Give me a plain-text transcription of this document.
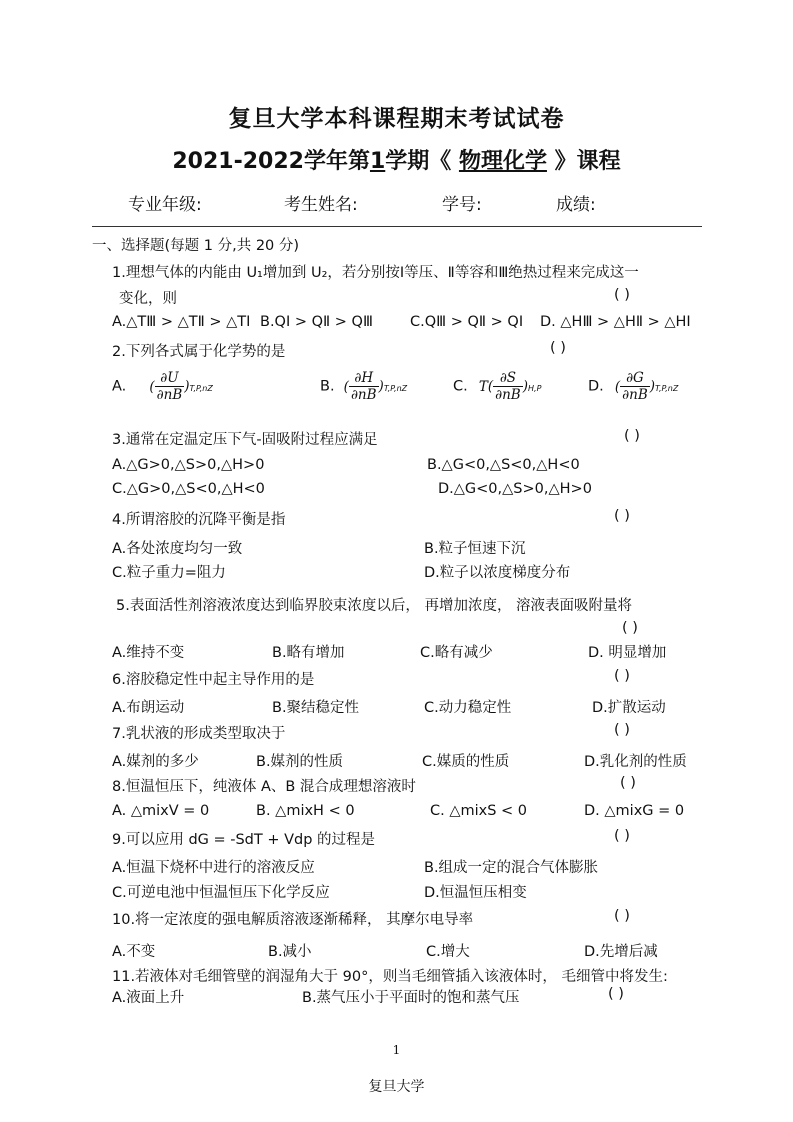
复旦大学本科课程期末考试试卷
2021-2022学年第1学期《 物理化学 》课程
专业年级:	考生姓名:	学号:	成绩:
一、选择题(每题 1 分,共 20 分)
1.理想气体的内能由 U₁增加到 U₂，若分别按Ⅰ等压、Ⅱ等容和Ⅲ绝热过程来完成这一
变化，则	( )
A.△TⅢ > △TⅡ > △TⅠ B.QⅠ > QⅡ > QⅢ	C.QⅢ > QⅡ > QⅠ D. △HⅢ > △HⅡ > △HⅠ
2.下列各式属于化学势的是	( )
A. ( $\frac{\partial U}{\partial nB} )T,P,nZ$	B. ( $\frac{\partial H}{\partial nB} )T,P,nZ$	C. $T( \frac{\partial S}{\partial nB} )H,P$	D. ( $\frac{\partial G}{\partial nB} )T,P,nZ$
3.通常在定温定压下气-固吸附过程应满足	( )
A.△G>0,△S>0,△H>0	B.△G<0,△S<0,△H<0
C.△G>0,△S<0,△H<0	D.△G<0,△S>0,△H>0
4.所谓溶胶的沉降平衡是指	( )
A.各处浓度均匀一致	B.粒子恒速下沉
C.粒子重力=阻力	D.粒子以浓度梯度分布
5.表面活性剂溶液浓度达到临界胶束浓度以后， 再增加浓度， 溶液表面吸附量将
( )
A.维持不变	B.略有增加	C.略有减少	D. 明显增加
6.溶胶稳定性中起主导作用的是	( )
A.布朗运动	B.聚结稳定性	C.动力稳定性	D.扩散运动
7.乳状液的形成类型取决于	( )
A.媒剂的多少	B.媒剂的性质	C.媒质的性质	D.乳化剂的性质
8.恒温恒压下，纯液体 A、B 混合成理想溶液时	( )
A. △mixV = 0	B. △mixH < 0	C. △mixS < 0	D. △mixG = 0
9.可以应用 dG = -SdT + Vdp 的过程是	( )
A.恒温下烧杯中进行的溶液反应	B.组成一定的混合气体膨胀
C.可逆电池中恒温恒压下化学反应	D.恒温恒压相变
10.将一定浓度的强电解质溶液逐渐稀释， 其摩尔电导率	( )
A.不变	B.减小	C.增大	D.先增后减
11.若液体对毛细管壁的润湿角大于 90°，则当毛细管插入该液体时， 毛细管中将发生:
A.液面上升	B.蒸气压小于平面时的饱和蒸气压	( )
1
复旦大学
